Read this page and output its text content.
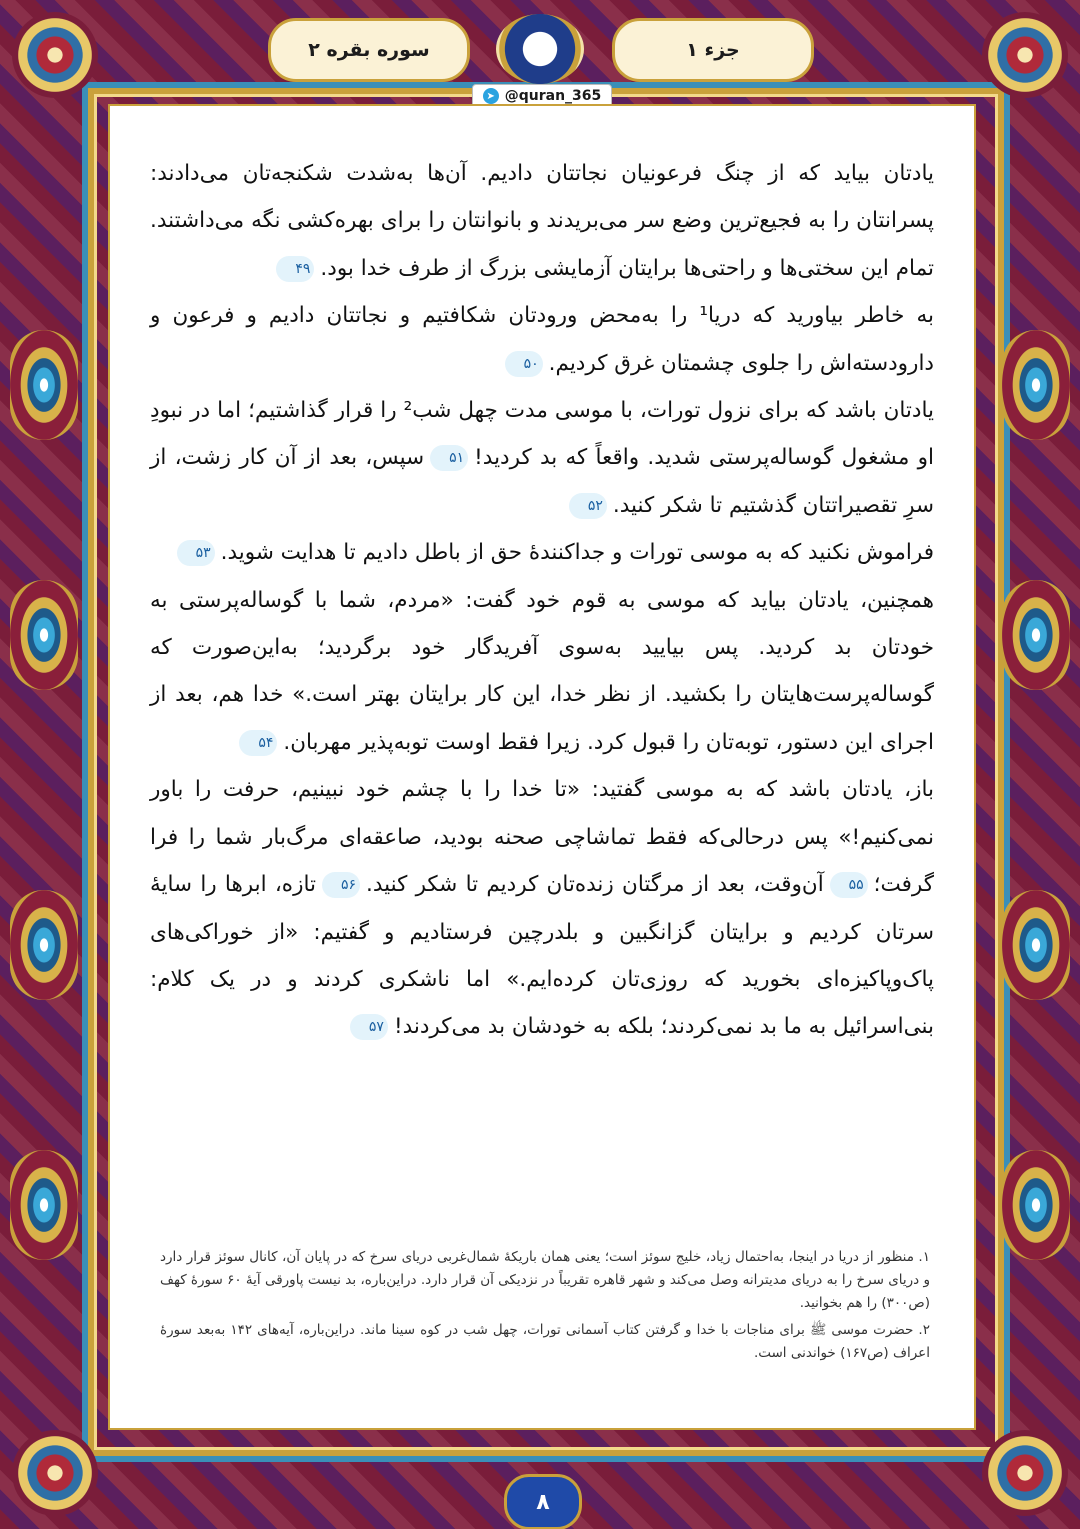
جزء ۱
سوره بقره ۲	✦
➤ @quran_365

یادتان بیاید که از چنگ فرعونیان نجاتتان دادیم. آن‌ها به‌شدت شکنجه‌تان می‌دادند: پسرانتان را به فجیع‌ترین وضع سر می‌بریدند و بانوانتان را برای بهره‌کشی نگه می‌داشتند. تمام این سختی‌ها و راحتی‌ها برایتان آزمایشی بزرگ از طرف خدا بود.۴۹

به خاطر بیاورید که دریا¹ را به‌محض ورودتان شکافتیم و نجاتتان دادیم و فرعون و دارودسته‌اش را جلوی چشمتان غرق کردیم.۵۰

یادتان باشد که برای نزول تورات، با موسی مدت چهل شب² را قرار گذاشتیم؛ اما در نبودِ او مشغول گوساله‌پرستی شدید. واقعاً که بد کردید!۵۱سپس، بعد از آن کار زشت، از سرِ تقصیراتتان گذشتیم تا شکر کنید.۵۲

فراموش نکنید که به موسی تورات و جداکنندهٔ حق از باطل دادیم تا هدایت شوید.۵۳

همچنین، یادتان بیاید که موسی به قوم خود گفت: «مردم، شما با گوساله‌پرستی به خودتان بد کردید. پس بیایید به‌سوی آفریدگار خود برگردید؛ به‌این‌صورت که گوساله‌پرست‌هایتان را بکشید. از نظر خدا، این کار برایتان بهتر است.» خدا هم، بعد از اجرای این دستور، توبه‌تان را قبول کرد. زیرا فقط اوست توبه‌پذیر مهربان.۵۴

باز، یادتان باشد که به موسی گفتید: «تا خدا را با چشم خود نبینیم، حرفت را باور نمی‌کنیم!» پس درحالی‌که فقط تماشاچی صحنه بودید، صاعقه‌ای مرگ‌بار شما را فرا گرفت؛۵۵آن‌وقت، بعد از مرگتان زنده‌تان کردیم تا شکر کنید.۵۶تازه، ابرها را سایهٔ سرتان کردیم و برایتان گزانگبین و بلدرچین فرستادیم و گفتیم: «از خوراکی‌های پاک‌وپاکیزه‌ای بخورید که روزی‌تان کرده‌ایم.» اما ناشکری کردند و در یک کلام: بنی‌اسرائیل به ما بد نمی‌کردند؛ بلکه به خودشان بد می‌کردند!۵۷

۱. منظور از دریا در اینجا، به‌احتمال زیاد، خلیج سوئز است؛ یعنی همان باریکهٔ شمال‌غربی دریای سرخ که در پایان آن، کانال سوئز قرار دارد و دریای سرخ را به دریای مدیترانه وصل می‌کند و شهر قاهره تقریباً در نزدیکی آن قرار دارد. دراین‌باره، بد نیست پاورقی آیهٔ ۶۰ سورهٔ کهف (ص۳۰۰) را هم بخوانید.

۲. حضرت موسی ﷺ برای مناجات با خدا و گرفتن کتاب آسمانی تورات، چهل شب در کوه سینا ماند. دراین‌باره، آیه‌های ۱۴۲ به‌بعد سورهٔ اعراف (ص۱۶۷) خواندنی است.

۸
